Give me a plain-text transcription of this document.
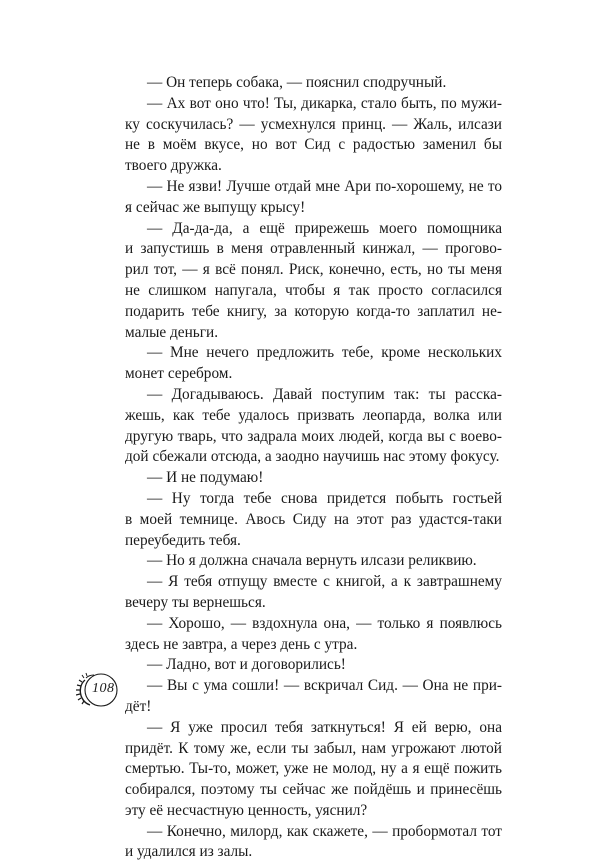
— Он теперь собака, — пояснил сподручный.
— Ах вот оно что! Ты, дикарка, стало быть, по мужи-
ку соскучилась? — усмехнулся принц. — Жаль, илсази
не в моём вкусе, но вот Сид с радостью заменил бы
твоего дружка.
— Не язви! Лучше отдай мне Ари по-хорошему, не то
я сейчас же выпущу крысу!
— Да-да-да, а ещё прирежешь моего помощника
и запустишь в меня отравленный кинжал, — прогово-
рил тот, — я всё понял. Риск, конечно, есть, но ты меня
не слишком напугала, чтобы я так просто согласился
подарить тебе книгу, за которую когда-то заплатил не-
малые деньги.
— Мне нечего предложить тебе, кроме нескольких
монет серебром.
— Догадываюсь. Давай поступим так: ты расска-
жешь, как тебе удалось призвать леопарда, волка или
другую тварь, что задрала моих людей, когда вы с воево-
дой сбежали отсюда, а заодно научишь нас этому фокусу.
— И не подумаю!
— Ну тогда тебе снова придется побыть гостьей
в моей темнице. Авось Сиду на этот раз удастся-таки
переубедить тебя.
— Но я должна сначала вернуть илсази реликвию.
— Я тебя отпущу вместе с книгой, а к завтрашнему
вечеру ты вернешься.
— Хорошо, — вздохнула она, — только я появлюсь
здесь не завтра, а через день с утра.
— Ладно, вот и договорились!
— Вы с ума сошли! — вскричал Сид. — Она не при-
дёт!
— Я уже просил тебя заткнуться! Я ей верю, она
придёт. К тому же, если ты забыл, нам угрожают лютой
смертью. Ты-то, может, уже не молод, ну а я ещё пожить
собирался, поэтому ты сейчас же пойдёшь и принесёшь
эту её несчастную ценность, уяснил?
— Конечно, милорд, как скажете, — пробормотал тот
и удалился из залы.
108
